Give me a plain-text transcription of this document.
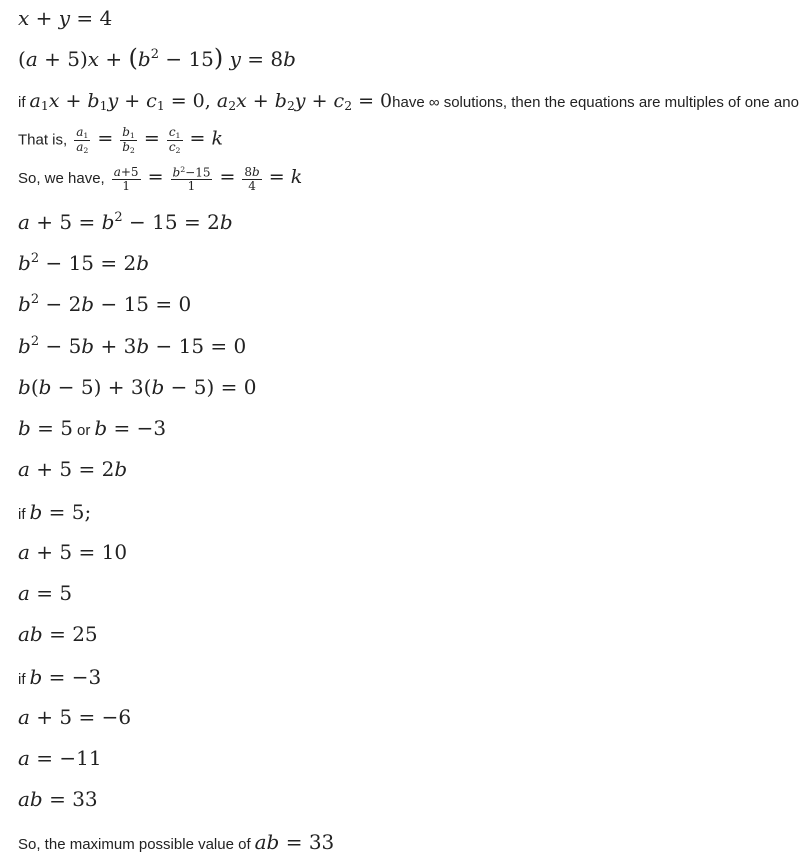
x + y = 4
$(a + 5)x + (b^2 - 15) y = 8b$
if $a_1x + b_1y + c_1 = 0$, $a_2x + b_2y + c_2$ = 0have ∞ solutions, then the equations are multiples of one ano
That is, $\frac{a_1}{a_2} = \frac{b_1}{b_2} = \frac{c_1}{c_2} = k$
So, we have, $\frac{a+5}{1} = \frac{b^2-15}{1} = \frac{8b}{4} = k$
$a + 5 = b^2 - 15 = 2b$
$b^2 - 15 = 2b$
$b^2 - 2b - 15 = 0$
$b^2 - 5b + 3b - 15 = 0$
b(b − 5) + 3(b − 5) = 0
b = 5 or b = −3
a + 5 = 2b
if b = 5;
a + 5 = 10
a = 5
ab = 25
if b = −3
a + 5 = −6
a = −11
ab = 33
So, the maximum possible value of ab = 33
